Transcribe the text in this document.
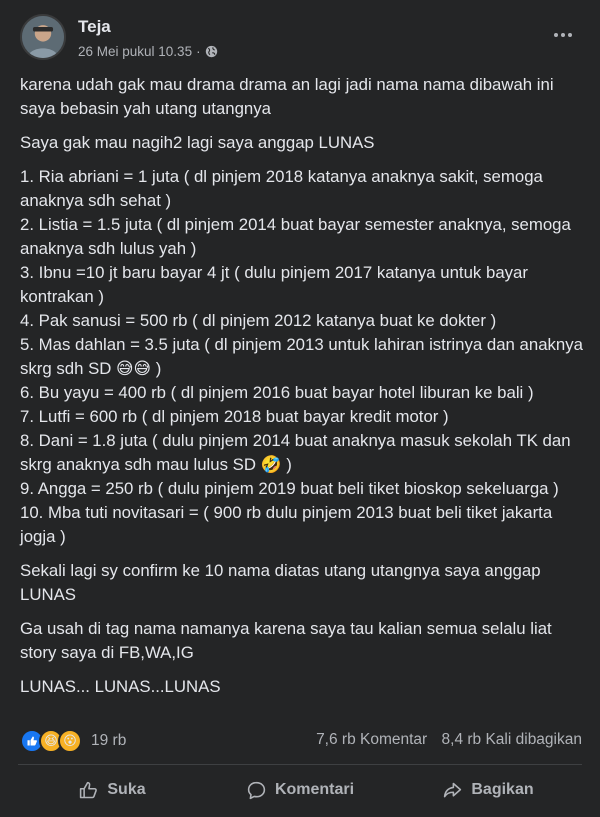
Teja
26 Mei pukul 10.35 ·

karena udah gak mau drama drama an lagi jadi nama nama dibawah ini saya bebasin yah utang utangnya

Saya gak mau nagih2 lagi saya anggap LUNAS

1. Ria abriani = 1 juta ( dl pinjem 2018 katanya anaknya sakit, semoga anaknya sdh sehat )
2. Listia = 1.5 juta ( dl pinjem 2014 buat bayar semester anaknya, semoga anaknya sdh lulus yah )
3. Ibnu =10 jt baru bayar 4 jt ( dulu pinjem 2017 katanya untuk bayar kontrakan )
4. Pak sanusi = 500 rb ( dl pinjem 2012 katanya buat ke dokter )
5. Mas dahlan = 3.5 juta ( dl pinjem 2013 untuk lahiran istrinya dan anaknya skrg sdh SD 😅😅 )
6. Bu yayu = 400 rb ( dl pinjem 2016 buat bayar hotel liburan ke bali )
7. Lutfi = 600 rb ( dl pinjem 2018 buat bayar kredit motor )
8. Dani = 1.8 juta ( dulu pinjem 2014 buat anaknya masuk sekolah TK dan skrg anaknya sdh mau lulus SD 🤣 )
9. Angga = 250 rb ( dulu pinjem 2019 buat beli tiket bioskop sekeluarga )
10. Mba tuti novitasari = ( 900 rb dulu pinjem 2013 buat beli tiket jakarta jogja )

Sekali lagi sy confirm ke 10 nama diatas utang utangnya saya anggap LUNAS

Ga usah di tag nama namanya karena saya tau kalian semua selalu liat story saya di FB,WA,IG

LUNAS... LUNAS...LUNAS

😆 😮 19 rb	7,6 rb Komentar 8,4 rb Kali dibagikan
Suka	Komentari	Bagikan
